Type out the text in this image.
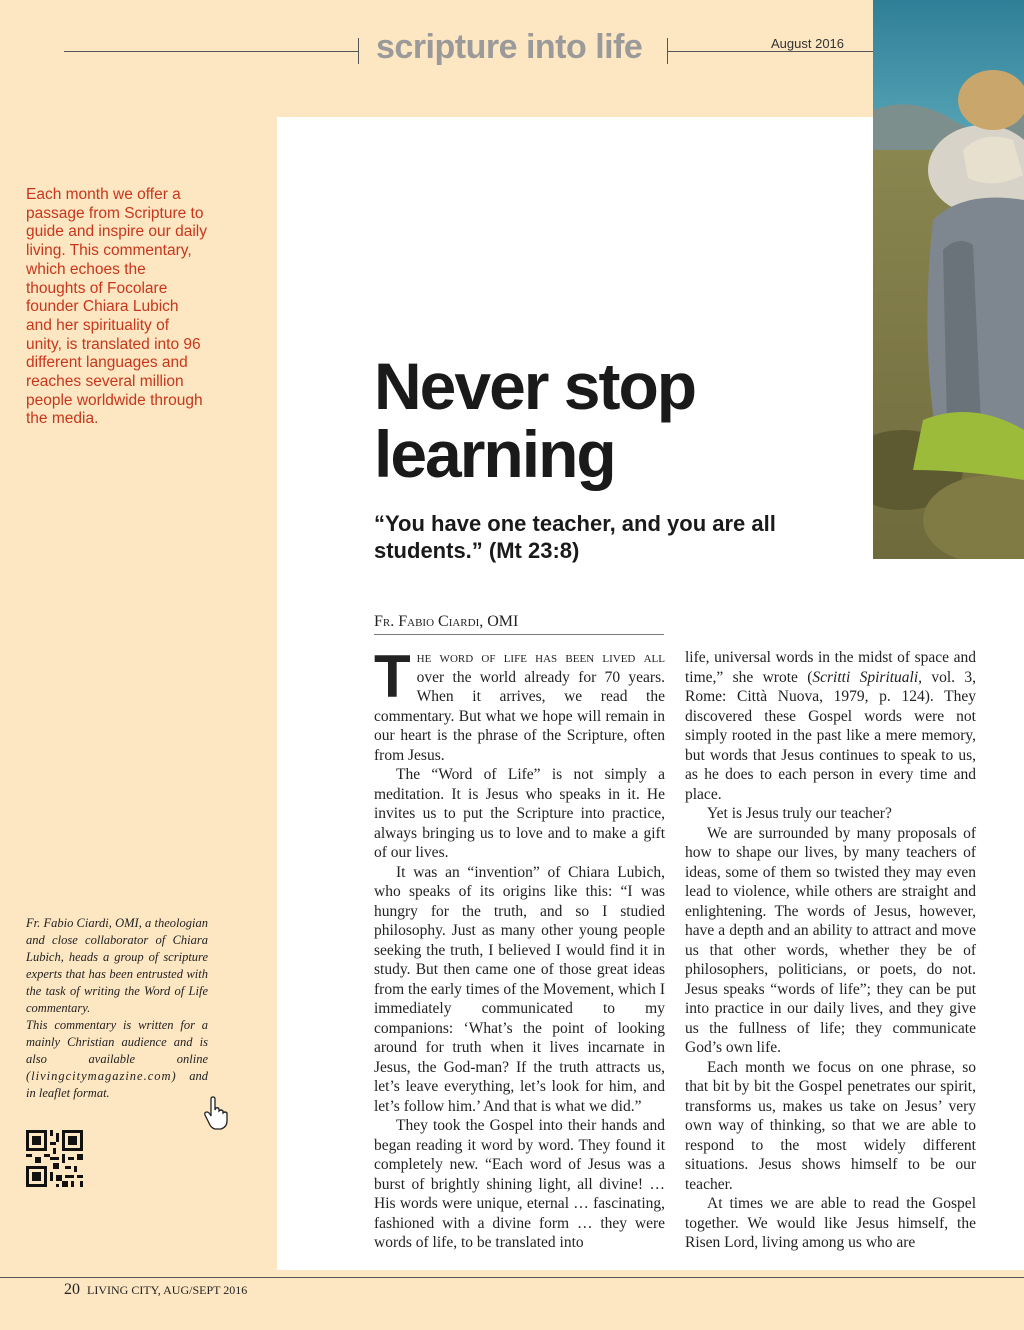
scripture into life	August 2016
Each month we offer a passage from Scripture to guide and inspire our daily living. This commentary, which echoes the thoughts of Focolare founder Chiara Lubich and her spirituality of unity, is translated into 96 different languages and reaches several million people worldwide through the media.
Fr. Fabio Ciardi, OMI, a theologian and close collaborator of Chiara Lubich, heads a group of scripture experts that has been entrusted with the task of writing the Word of Life commentary.
This commentary is written for a mainly Christian audience and is also available online (livingcitymagazine.com) and in leaflet format.
Never stop learning
“You have one teacher, and you are all students.” (Mt 23:8)
Fr. Fabio Ciardi, OMI

The word of life has been lived all over the world already for 70 years. When it arrives, we read the commentary. But what we hope will remain in our heart is the phrase of the Scripture, often from Jesus.

The “Word of Life” is not simply a meditation. It is Jesus who speaks in it. He invites us to put the Scripture into practice, always bringing us to love and to make a gift of our lives.

It was an “invention” of Chiara Lubich, who speaks of its origins like this: “I was hungry for the truth, and so I studied philosophy. Just as many other young people seeking the truth, I believed I would find it in study. But then came one of those great ideas from the early times of the Movement, which I immediately communicated to my companions: ‘What’s the point of looking around for truth when it lives incarnate in Jesus, the God-man? If the truth attracts us, let’s leave everything, let’s look for him, and let’s follow him.’ And that is what we did.”

They took the Gospel into their hands and began reading it word by word. They found it completely new. “Each word of Jesus was a burst of brightly shining light, all divine! … His words were unique, eternal … fascinating, fashioned with a divine form … they were words of life, to be translated into

life, universal words in the midst of space and time,” she wrote (Scritti Spirituali, vol. 3, Rome: Città Nuova, 1979, p. 124). They discovered these Gospel words were not simply rooted in the past like a mere memory, but words that Jesus continues to speak to us, as he does to each person in every time and place.

Yet is Jesus truly our teacher?

We are surrounded by many proposals of how to shape our lives, by many teachers of ideas, some of them so twisted they may even lead to violence, while others are straight and enlightening. The words of Jesus, however, have a depth and an ability to attract and move us that other words, whether they be of philosophers, politicians, or poets, do not. Jesus speaks “words of life”; they can be put into practice in our daily lives, and they give us the fullness of life; they communicate God’s own life.

Each month we focus on one phrase, so that bit by bit the Gospel penetrates our spirit, transforms us, makes us take on Jesus’ very own way of thinking, so that we are able to respond to the most widely different situations. Jesus shows himself to be our teacher.

At times we are able to read the Gospel together. We would like Jesus himself, the Risen Lord, living among us who are

20 LIVING CITY, AUG/SEPT 2016
